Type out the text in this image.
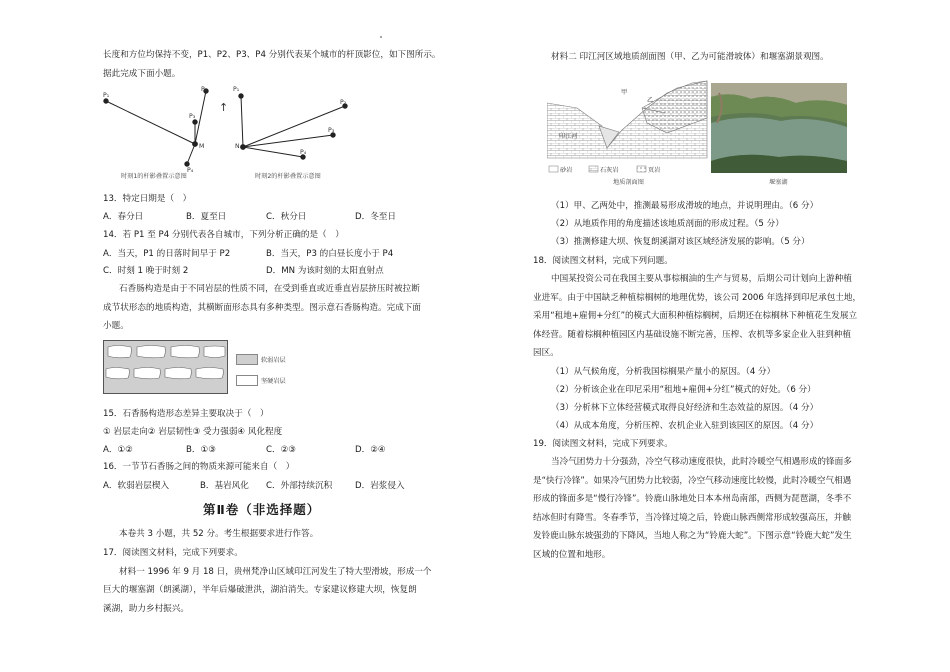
长度和方位均保持不变，P1、P2、P3、P4 分别代表某个城市的杆顶影位，如下图所示。
据此完成下面小题。
P₁
P₂
P₃
P₄
M
P₁
P₂
P₃
P₄
N
↑
时刻1的杆影叠置示意图	时刻2的杆影叠置示意图
13．特定日期是（　）
A．春分日	B．夏至日	C．秋分日	D．冬至日
14．若 P1 至 P4 分别代表各自城市，下列分析正确的是（　）
A．当天，P1 的日落时间早于 P2	B．当天，P3 的白昼长度小于 P4
C．时刻 1 晚于时刻 2	D．MN 为该时刻的太阳直射点
石香肠构造是由于不同岩层的性质不同，在受到垂直或近垂直岩层挤压时被拉断
成节状形态的地质构造，其横断面形态具有多种类型。图示意石香肠构造。完成下面
小题。
软弱岩层
坚硬岩层
15．石香肠构造形态差异主要取决于（　）
① 岩层走向② 岩层韧性③ 受力强弱④ 风化程度
A．①②	B．①③	C．②③	D．②④
16．一节节石香肠之间的物质来源可能来自（　）
A．软弱岩层楔入	B．基岩风化 C．外部持续沉积	D．岩浆侵入
第Ⅱ卷（非选择题）
本卷共 3 小题，共 52 分。考生根据要求进行作答。
17．阅读图文材料，完成下列要求。
材料一 1996 年 9 月 18 日，贵州梵净山区域印江河发生了特大型滑坡，形成一个
巨大的堰塞湖（朗溪湖），半年后爆破泄洪，湖泊消失。专家建议修建大坝，恢复朗
溪湖，助力乡村振兴。
材料二 印江河区域地质剖面图（甲、乙为可能滑坡体）和堰塞湖景观图。
甲
乙
印江河
砂岩	石灰岩	页岩
地质剖面图	堰塞湖
（1）甲、乙两处中，推测最易形成滑坡的地点，并说明理由。（6 分）
（2）从地质作用的角度描述该地质剖面的形成过程。（5 分）
（3）推测修建大坝、恢复朗溪湖对该区域经济发展的影响。（5 分）
18．阅读图文材料，完成下列问题。
中国某投资公司在我国主要从事棕榈油的生产与贸易，后期公司计划向上游种植
业进军。由于中国缺乏种植棕榈树的地理优势，该公司 2006 年选择到印尼承包土地，
采用“租地+雇佣+分红”的模式大面积种植棕榈树，后期还在棕榈林下种植花生发展立
体经营。随着棕榈种植园区内基础设施不断完善，压榨、农机等多家企业入驻到种植
园区。
（1）从气候角度，分析我国棕榈果产量小的原因。（4 分）
（2）分析该企业在印尼采用“租地+雇佣+分红”模式的好处。（6 分）
（3）分析林下立体经营模式取得良好经济和生态效益的原因。（4 分）
（4）从成本角度，分析压榨、农机企业入驻到该园区的原因。（4 分）
19．阅读图文材料，完成下列要求。
当冷气团势力十分强劲，冷空气移动速度很快，此时冷暖空气相遇形成的锋面多
是“快行冷锋”。如果冷气团势力比较弱，冷空气移动速度比较慢，此时冷暖空气相遇
形成的锋面多是“慢行冷锋”。铃鹿山脉地处日本本州岛南部，西侧为琵琶湖，冬季不
结冰但时有降雪。冬春季节，当冷锋过境之后，铃鹿山脉西侧常形成较强高压，并触
发铃鹿山脉东坡强劲的下降风，当地人称之为“铃鹿大蛇”。下图示意“铃鹿大蛇”发生
区域的位置和地形。
